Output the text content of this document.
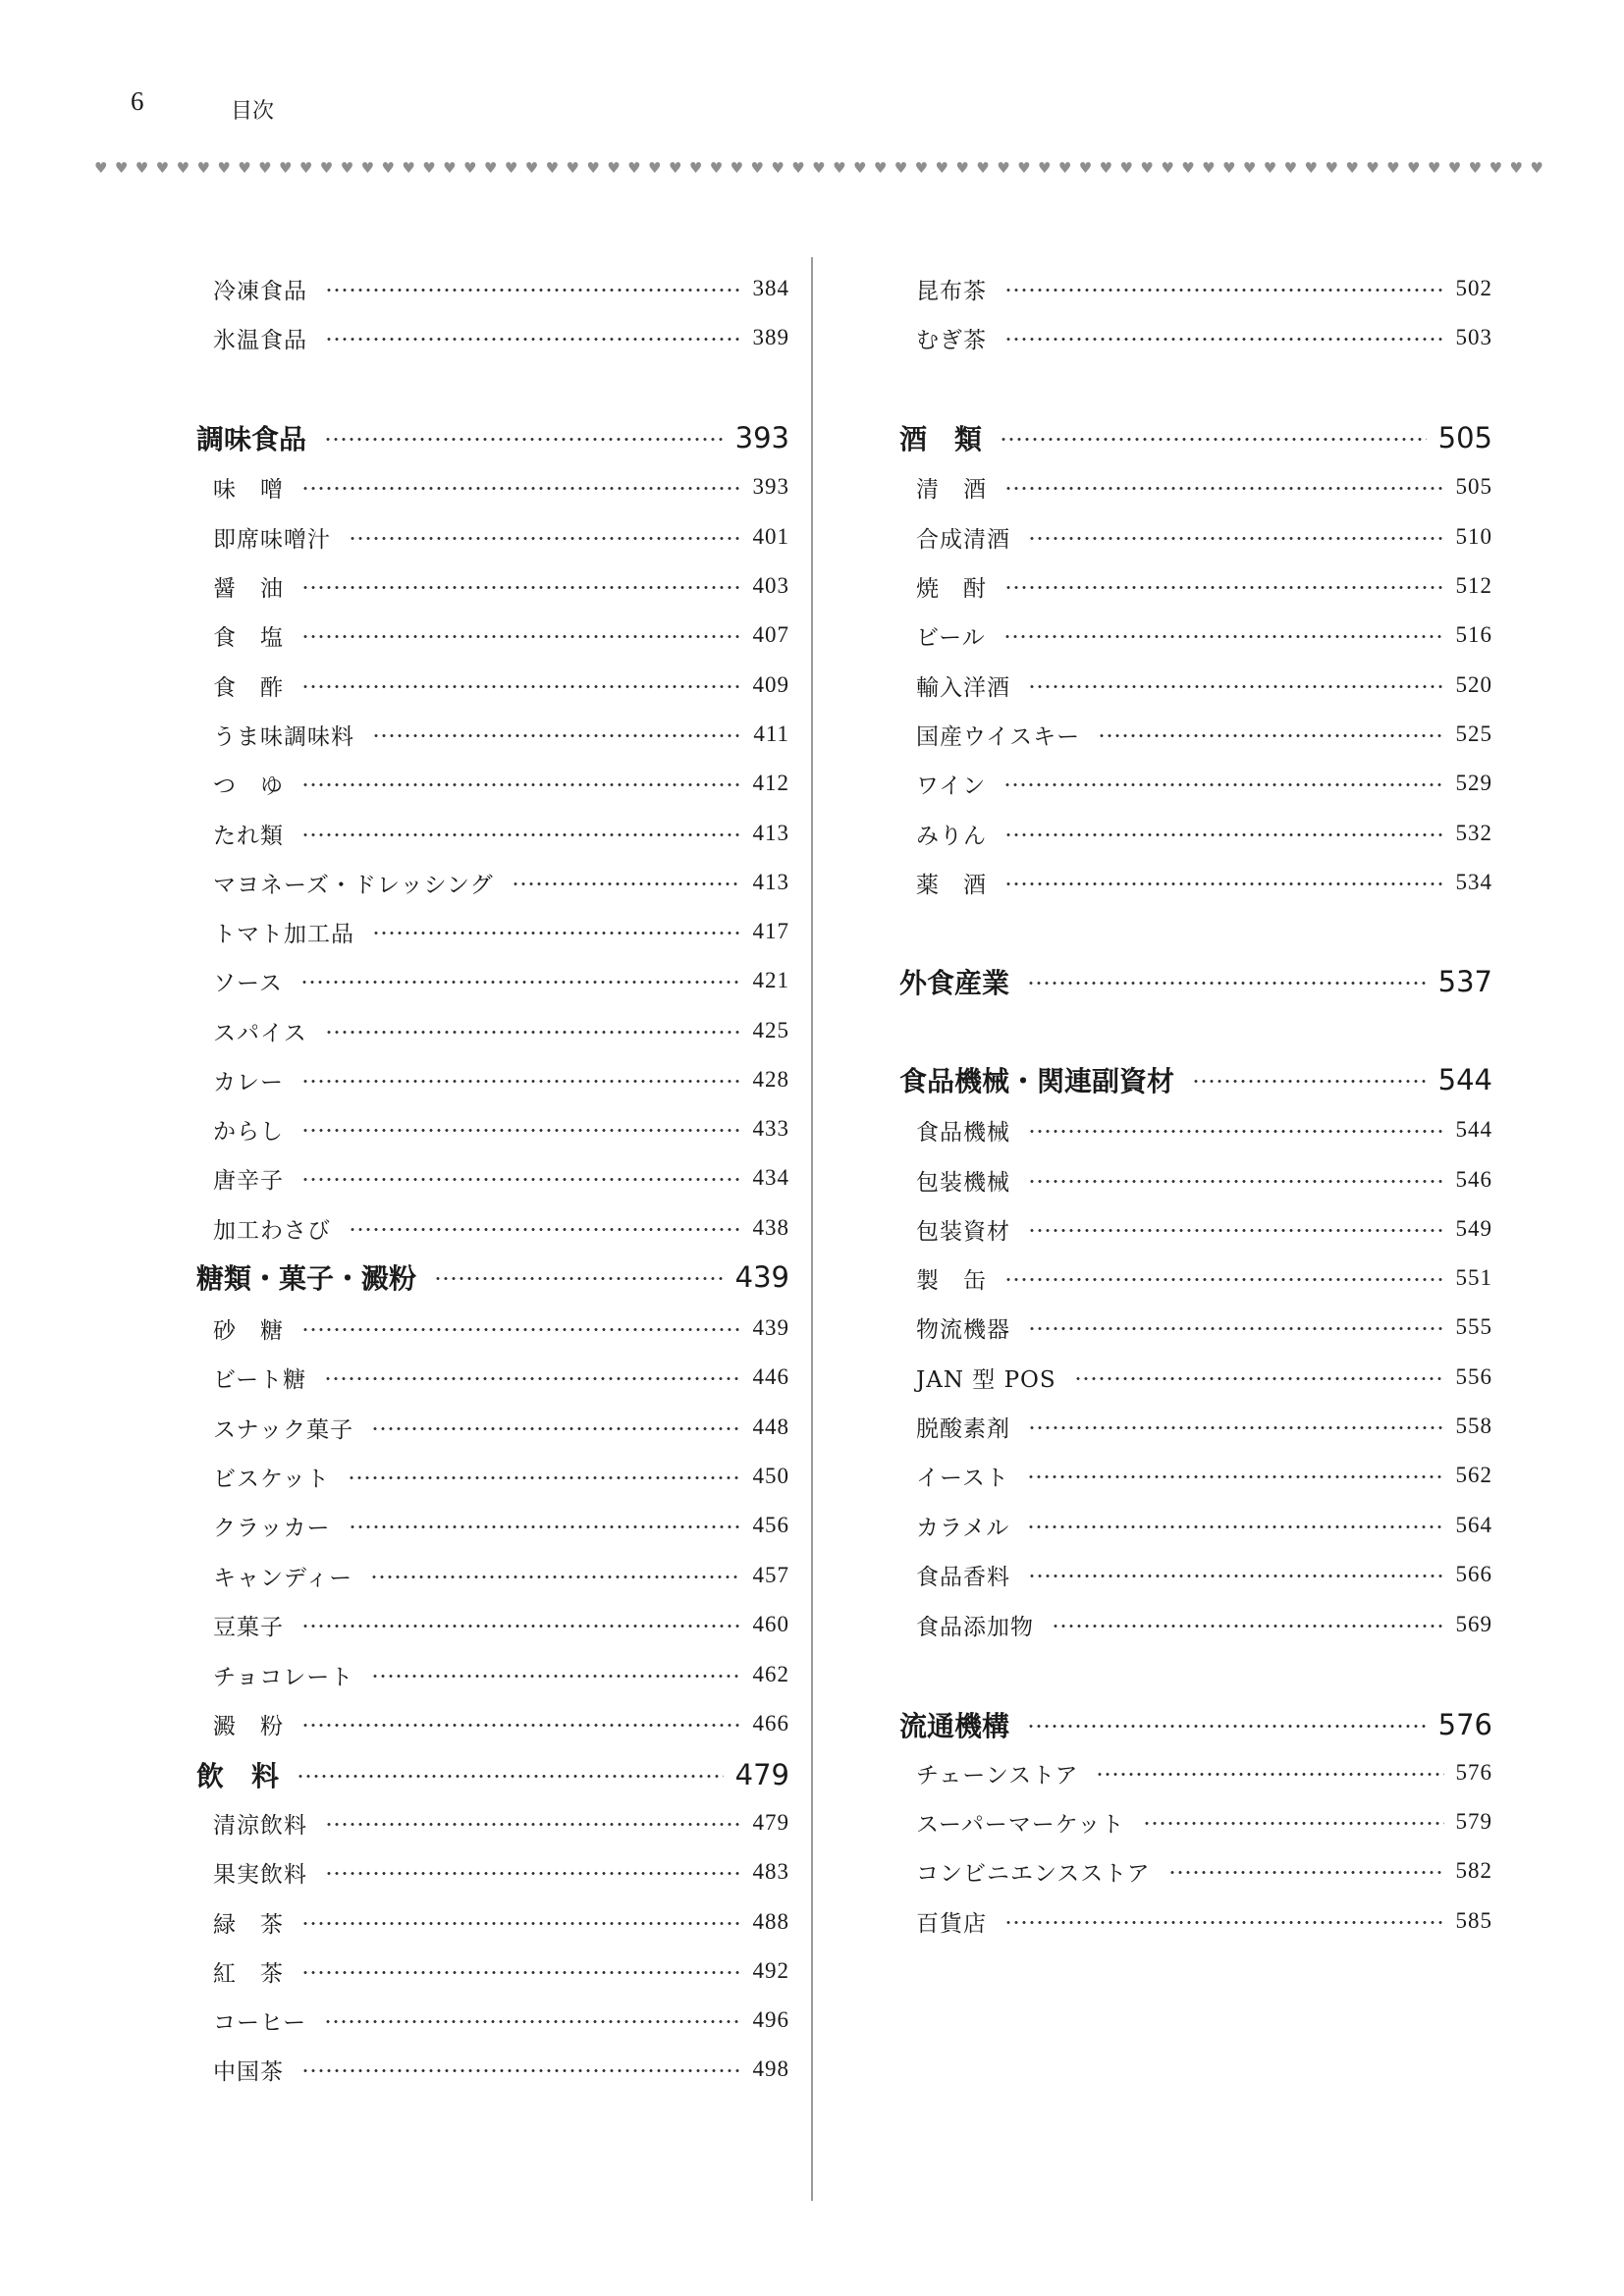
6	目次
♥ ♥ ♥ ♥ ♥ ♥ ♥ ♥ ♥ ♥ ♥ ♥ ♥ ♥ ♥ ♥ ♥ ♥ ♥ ♥ ♥ ♥ ♥ ♥ ♥ ♥ ♥ ♥ ♥ ♥ ♥ ♥ ♥ ♥ ♥ ♥ ♥ ♥ ♥ ♥ ♥ ♥ ♥ ♥ ♥ ♥ ♥ ♥ ♥ ♥ ♥ ♥ ♥ ♥ ♥ ♥ ♥ ♥ ♥ ♥ ♥ ♥ ♥ ♥ ♥ ♥ ♥ ♥ ♥ ♥ ♥
冷凍食品	384
氷温食品	389
調味食品	393
味　噌	393
即席味噌汁	401
醤　油	403
食　塩	407
食　酢	409
うま味調味料	411
つ　ゆ	412
たれ類	413
マヨネーズ・ドレッシング	413
トマト加工品	417
ソース	421
スパイス	425
カレー	428
からし	433
唐辛子	434
加工わさび	438
糖類・菓子・澱粉	439
砂　糖	439
ビート糖	446
スナック菓子	448
ビスケット	450
クラッカー	456
キャンディー	457
豆菓子	460
チョコレート	462
澱　粉	466
飲　料	479
清涼飲料	479
果実飲料	483
緑　茶	488
紅　茶	492
コーヒー	496
中国茶	498
昆布茶	502
むぎ茶	503
酒　類	505
清　酒	505
合成清酒	510
焼　酎	512
ビール	516
輸入洋酒	520
国産ウイスキー	525
ワイン	529
みりん	532
薬　酒	534
外食産業	537
食品機械・関連副資材	544
食品機械	544
包装機械	546
包装資材	549
製　缶	551
物流機器	555
JAN 型 POS	556
脱酸素剤	558
イースト	562
カラメル	564
食品香料	566
食品添加物	569
流通機構	576
チェーンストア	576
スーパーマーケット	579
コンビニエンスストア	582
百貨店	585
